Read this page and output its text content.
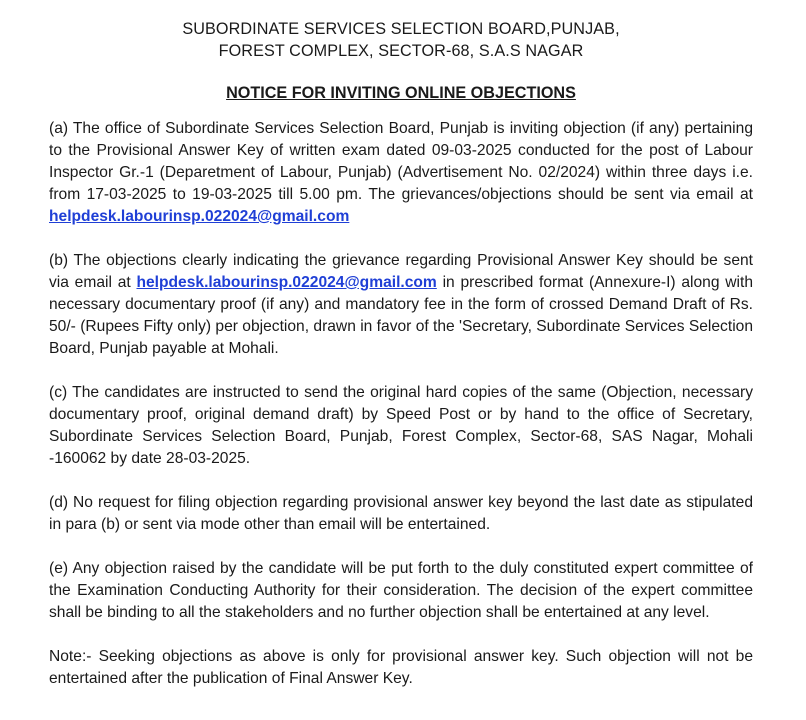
SUBORDINATE SERVICES SELECTION BOARD,PUNJAB,
FOREST COMPLEX, SECTOR-68, S.A.S NAGAR
NOTICE FOR INVITING ONLINE OBJECTIONS

(a) The office of Subordinate Services Selection Board, Punjab is inviting objection (if any) pertaining to the Provisional Answer Key of written exam dated 09-03-2025 conducted for the post of Labour Inspector Gr.-1 (Deparetment of Labour, Punjab) (Advertisement No. 02/2024) within three days i.e. from 17-03-2025 to 19-03-2025 till 5.00 pm. The grievances/objections should be sent via email at helpdesk.labourinsp.022024@gmail.com

(b) The objections clearly indicating the grievance regarding Provisional Answer Key should be sent via email at helpdesk.labourinsp.022024@gmail.com in prescribed format (Annexure-I) along with necessary documentary proof (if any) and mandatory fee in the form of crossed Demand Draft of Rs. 50/- (Rupees Fifty only) per objection, drawn in favor of the 'Secretary, Subordinate Services Selection Board, Punjab payable at Mohali.

(c) The candidates are instructed to send the original hard copies of the same (Objection, necessary documentary proof, original demand draft) by Speed Post or by hand to the office of Secretary, Subordinate Services Selection Board, Punjab, Forest Complex, Sector-68, SAS Nagar, Mohali -160062 by date 28-03-2025.

(d) No request for filing objection regarding provisional answer key beyond the last date as stipulated in para (b) or sent via mode other than email will be entertained.

(e) Any objection raised by the candidate will be put forth to the duly constituted expert committee of the Examination Conducting Authority for their consideration. The decision of the expert committee shall be binding to all the stakeholders and no further objection shall be entertained at any level.

Note:- Seeking objections as above is only for provisional answer key. Such objection will not be entertained after the publication of Final Answer Key.
